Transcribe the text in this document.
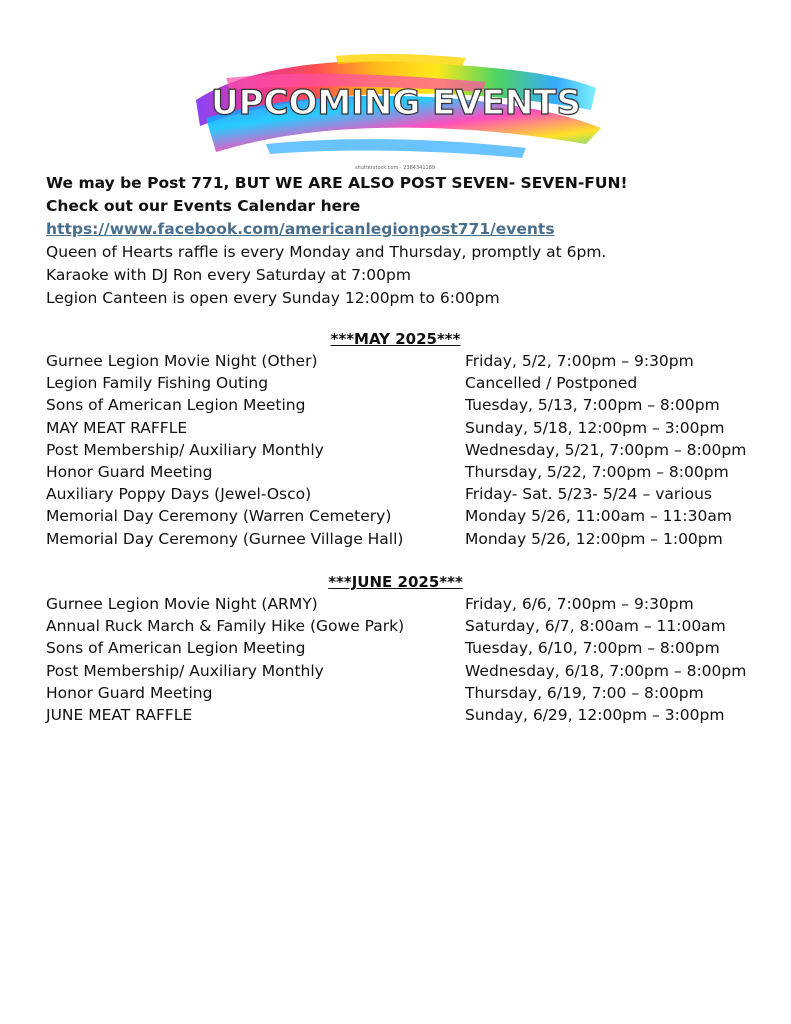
UPCOMING EVENTS
shutterstock.com · 2384341189
We may be Post 771, BUT WE ARE ALSO POST SEVEN- SEVEN-FUN!
Check out our Events Calendar here
https://www.facebook.com/americanlegionpost771/events
Queen of Hearts raffle is every Monday and Thursday, promptly at 6pm.
Karaoke with DJ Ron every Saturday at 7:00pm
Legion Canteen is open every Sunday 12:00pm to 6:00pm
***MAY 2025***
Gurnee Legion Movie Night (Other)	Friday, 5/2, 7:00pm – 9:30pm
Legion Family Fishing Outing	Cancelled / Postponed
Sons of American Legion Meeting	Tuesday, 5/13, 7:00pm – 8:00pm
MAY MEAT RAFFLE	Sunday, 5/18, 12:00pm – 3:00pm
Post Membership/ Auxiliary Monthly	Wednesday, 5/21, 7:00pm – 8:00pm
Honor Guard Meeting	Thursday, 5/22, 7:00pm – 8:00pm
Auxiliary Poppy Days (Jewel-Osco)	Friday- Sat. 5/23- 5/24 – various
Memorial Day Ceremony (Warren Cemetery)	Monday 5/26, 11:00am – 11:30am
Memorial Day Ceremony (Gurnee Village Hall)	Monday 5/26, 12:00pm – 1:00pm
***JUNE 2025***
Gurnee Legion Movie Night (ARMY)	Friday, 6/6, 7:00pm – 9:30pm
Annual Ruck March & Family Hike (Gowe Park)	Saturday, 6/7, 8:00am – 11:00am
Sons of American Legion Meeting	Tuesday, 6/10, 7:00pm – 8:00pm
Post Membership/ Auxiliary Monthly	Wednesday, 6/18, 7:00pm – 8:00pm
Honor Guard Meeting	Thursday, 6/19, 7:00 – 8:00pm
JUNE MEAT RAFFLE	Sunday, 6/29, 12:00pm – 3:00pm
